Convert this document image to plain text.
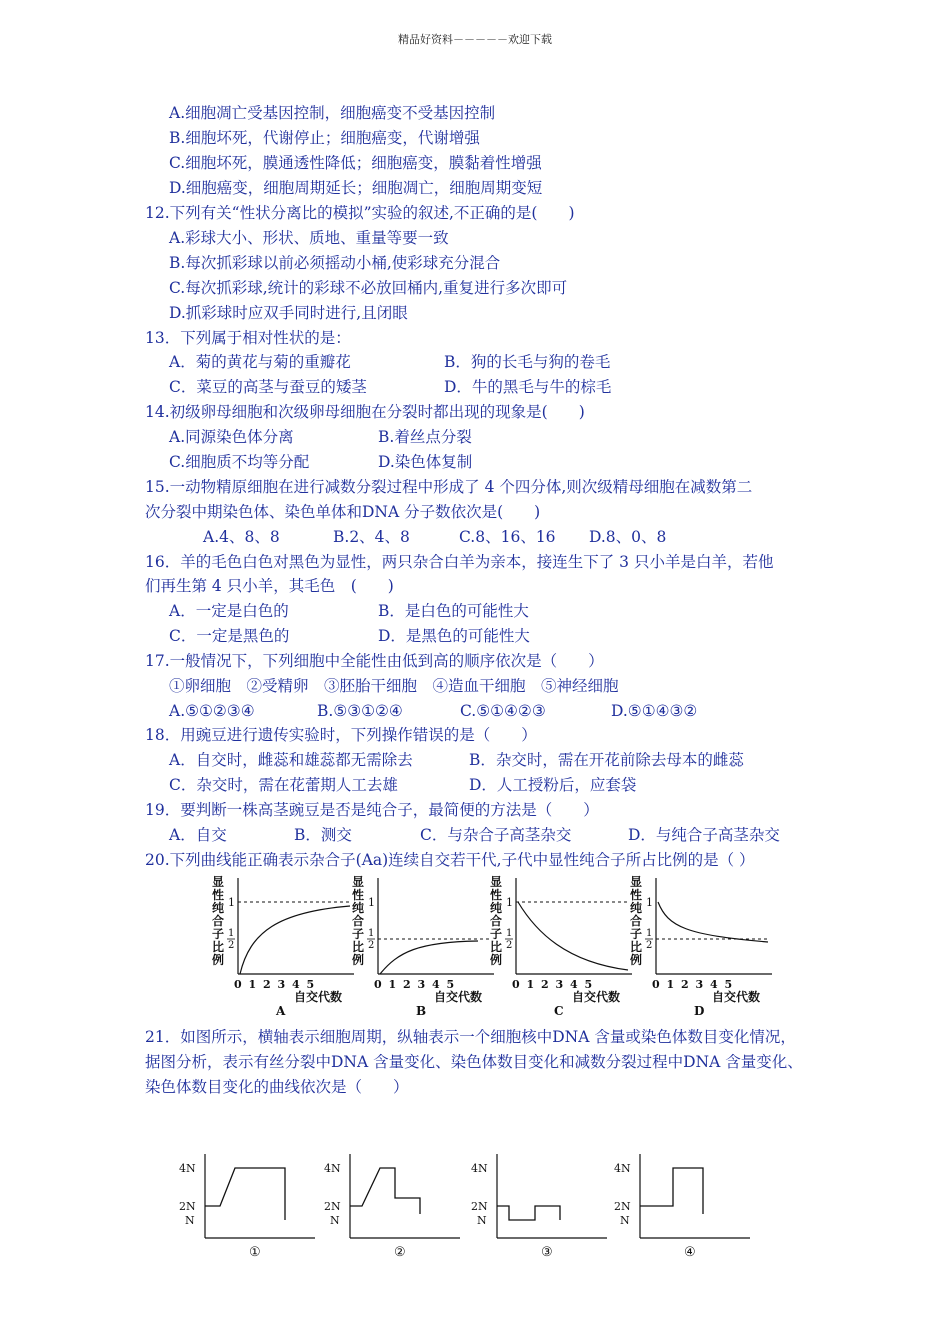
精品好资料－－－－－欢迎下载
A.细胞凋亡受基因控制，细胞癌变不受基因控制
B.细胞坏死，代谢停止；细胞癌变，代谢增强
C.细胞坏死，膜通透性降低；细胞癌变，膜黏着性增强
D.细胞癌变，细胞周期延长；细胞凋亡，细胞周期变短
12.下列有关“性状分离比的模拟”实验的叙述,不正确的是(　　)
A.彩球大小、形状、质地、重量等要一致
B.每次抓彩球以前必须摇动小桶,使彩球充分混合
C.每次抓彩球,统计的彩球不必放回桶内,重复进行多次即可
D.抓彩球时应双手同时进行,且闭眼
13．下列属于相对性状的是：
A．菊的黄花与菊的重瓣花	B．狗的长毛与狗的卷毛
C．菜豆的高茎与蚕豆的矮茎	D．牛的黑毛与牛的棕毛
14.初级卵母细胞和次级卵母细胞在分裂时都出现的现象是(　　)
A.同源染色体分离	B.着丝点分裂
C.细胞质不均等分配	D.染色体复制
15.一动物精原细胞在进行减数分裂过程中形成了 4 个四分体,则次级精母细胞在减数第二
次分裂中期染色体、染色单体和DNA 分子数依次是(　　)
A.4、8、8	B.2、4、8	C.8、16、16 D.8、0、8
16．羊的毛色白色对黑色为显性，两只杂合白羊为亲本，接连生下了 3 只小羊是白羊，若他
们再生第 4 只小羊，其毛色　(　　)
A．一定是白色的	B．是白色的可能性大
C．一定是黑色的	D．是黑色的可能性大
17.一般情况下，下列细胞中全能性由低到高的顺序依次是（　　）
①卵细胞　②受精卵　③胚胎干细胞　④造血干细胞　⑤神经细胞
A.⑤①②③④	B.⑤③①②④	C.⑤①④②③	D.⑤①④③②
18．用豌豆进行遗传实验时，下列操作错误的是（　　）
A．自交时，雌蕊和雄蕊都无需除去	B．杂交时，需在开花前除去母本的雌蕊
C．杂交时，需在花蕾期人工去雄	D．人工授粉后，应套袋
19．要判断一株高茎豌豆是否是纯合子，最简便的方法是（　　）
A．自交	B．测交	C．与杂合子高茎杂交	D．与纯合子高茎杂交
20.下列曲线能正确表示杂合子(Aa)连续自交若干代,子代中显性纯合子所占比例的是（ ）
显
性
纯
合
子
比
例
1
1
2
0 1 2 3 4 5
自交代数
A
显
性
纯
合
子
比
例
1
1
2
0 1 2 3 4 5
自交代数
B
显
性
纯
合
子
比
例
1
1
2
0 1 2 3 4 5
自交代数
C
显
性
纯
合
子
比
例
1
1
2
0 1 2 3 4 5
自交代数
D
21．如图所示，横轴表示细胞周期，纵轴表示一个细胞核中DNA 含量或染色体数目变化情况，
据图分析，表示有丝分裂中DNA 含量变化、染色体数目变化和减数分裂过程中DNA 含量变化、
染色体数目变化的曲线依次是（　　）
4N
2N
N
①
4N
2N
N
②
4N
2N
N
③
4N
2N
N
④
